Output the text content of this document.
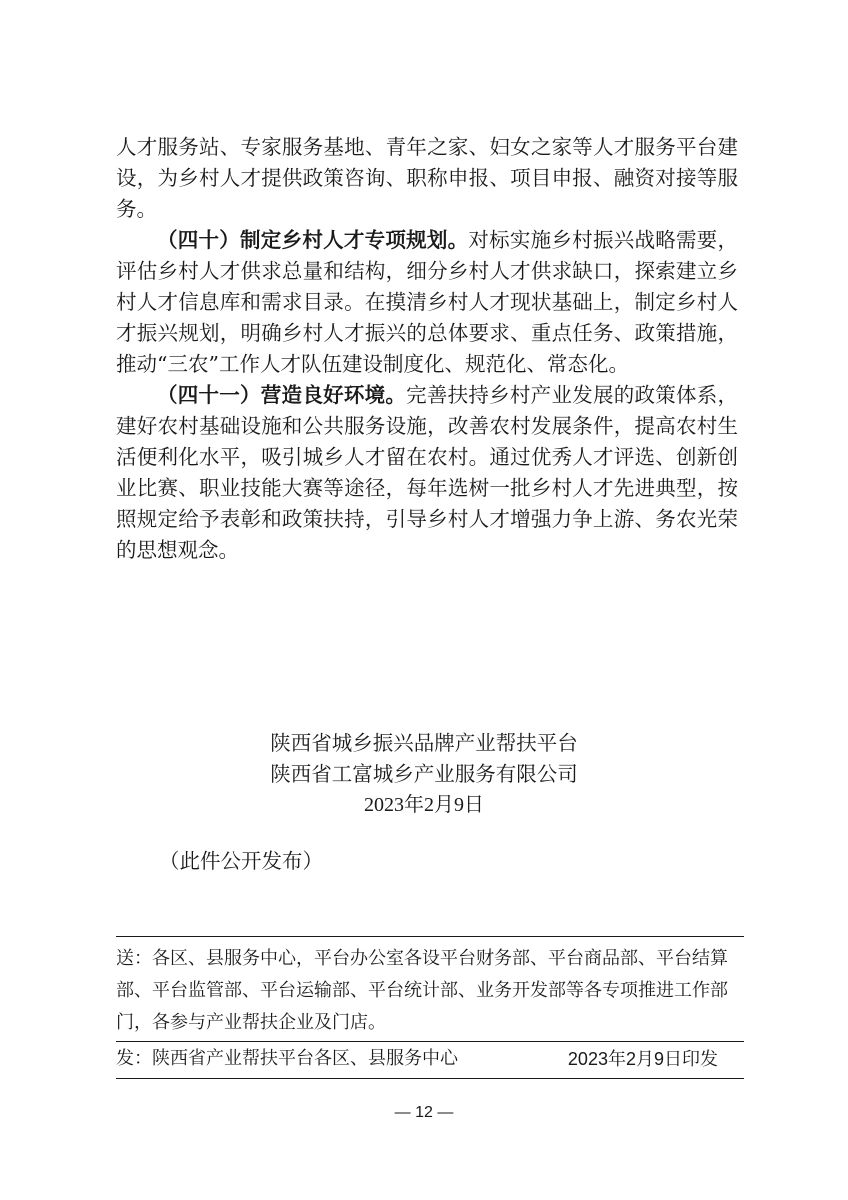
人才服务站、专家服务基地、青年之家、妇女之家等人才服务平台建设，为乡村人才提供政策咨询、职称申报、项目申报、融资对接等服务。

（四十）制定乡村人才专项规划。对标实施乡村振兴战略需要，评估乡村人才供求总量和结构，细分乡村人才供求缺口，探索建立乡村人才信息库和需求目录。在摸清乡村人才现状基础上，制定乡村人才振兴规划，明确乡村人才振兴的总体要求、重点任务、政策措施，推动“三农”工作人才队伍建设制度化、规范化、常态化。

（四十一）营造良好环境。完善扶持乡村产业发展的政策体系，建好农村基础设施和公共服务设施，改善农村发展条件，提高农村生活便利化水平，吸引城乡人才留在农村。通过优秀人才评选、创新创业比赛、职业技能大赛等途径，每年选树一批乡村人才先进典型，按照规定给予表彰和政策扶持，引导乡村人才增强力争上游、务农光荣的思想观念。

陕西省城乡振兴品牌产业帮扶平台
陕西省工富城乡产业服务有限公司
2023年2月9日
（此件公开发布）

送：各区、县服务中心，平台办公室各设平台财务部、平台商品部、平台结算部、平台监管部、平台运输部、平台统计部、业务开发部等各专项推进工作部门，各参与产业帮扶企业及门店。

发：陕西省产业帮扶平台各区、县服务中心	2023年2月9日印发
— 12 —
